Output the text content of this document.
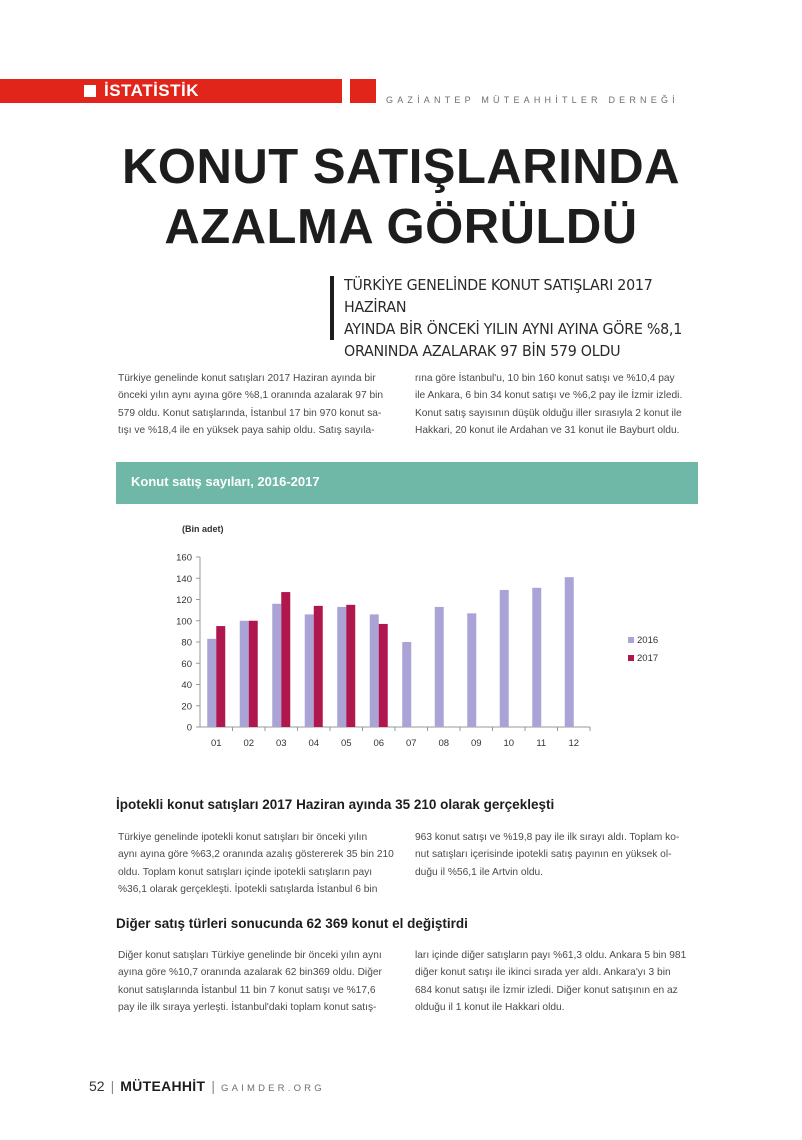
İSTATİSTİK	GAZİANTEP MÜTEAHHİTLER DERNEĞİ
KONUT SATIŞLARINDA
AZALMA GÖRÜLDÜ
TÜRKİYE GENELİNDE KONUT SATIŞLARI 2017 HAZİRAN
AYINDA BİR ÖNCEKİ YILIN AYNI AYINA GÖRE %8,1
ORANINDA AZALARAK 97 BİN 579 OLDU
Türkiye genelinde konut satışları 2017 Haziran ayında bir
önceki yılın aynı ayına göre %8,1 oranında azalarak 97 bin
579 oldu. Konut satışlarında, İstanbul 17 bin 970 konut sa-
tışı ve %18,4 ile en yüksek paya sahip oldu. Satış sayıla-
rına göre İstanbul'u, 10 bin 160 konut satışı ve %10,4 pay
ile Ankara, 6 bin 34 konut satışı ve %6,2 pay ile İzmir izledi.
Konut satış sayısının düşük olduğu iller sırasıyla 2 konut ile
Hakkari, 20 konut ile Ardahan ve 31 konut ile Bayburt oldu.
Konut satış sayıları, 2016-2017
(Bin adet)
0
20
40
60
80
100
120
140
160
01 02 03 04 05 06 07 08 09 10 11 12
2016
2017
İpotekli konut satışları 2017 Haziran ayında 35 210 olarak gerçekleşti
Türkiye genelinde ipotekli konut satışları bir önceki yılın
aynı ayına göre %63,2 oranında azalış göstererek 35 bin 210
oldu. Toplam konut satışları içinde ipotekli satışların payı
%36,1 olarak gerçekleşti. İpotekli satışlarda İstanbul 6 bin
963 konut satışı ve %19,8 pay ile ilk sırayı aldı. Toplam ko-
nut satışları içerisinde ipotekli satış payının en yüksek ol-
duğu il %56,1 ile Artvin oldu.
Diğer satış türleri sonucunda 62 369 konut el değiştirdi
Diğer konut satışları Türkiye genelinde bir önceki yılın aynı
ayına göre %10,7 oranında azalarak 62 bin369 oldu. Diğer
konut satışlarında İstanbul 11 bin 7 konut satışı ve %17,6
pay ile ilk sıraya yerleşti. İstanbul'daki toplam konut satış-
ları içinde diğer satışların payı %61,3 oldu. Ankara 5 bin 981
diğer konut satışı ile ikinci sırada yer aldı. Ankara'yı 3 bin
684 konut satışı ile İzmir izledi. Diğer konut satışının en az
olduğu il 1 konut ile Hakkari oldu.
52 | MÜTEAHHİT | GAIMDER.ORG
